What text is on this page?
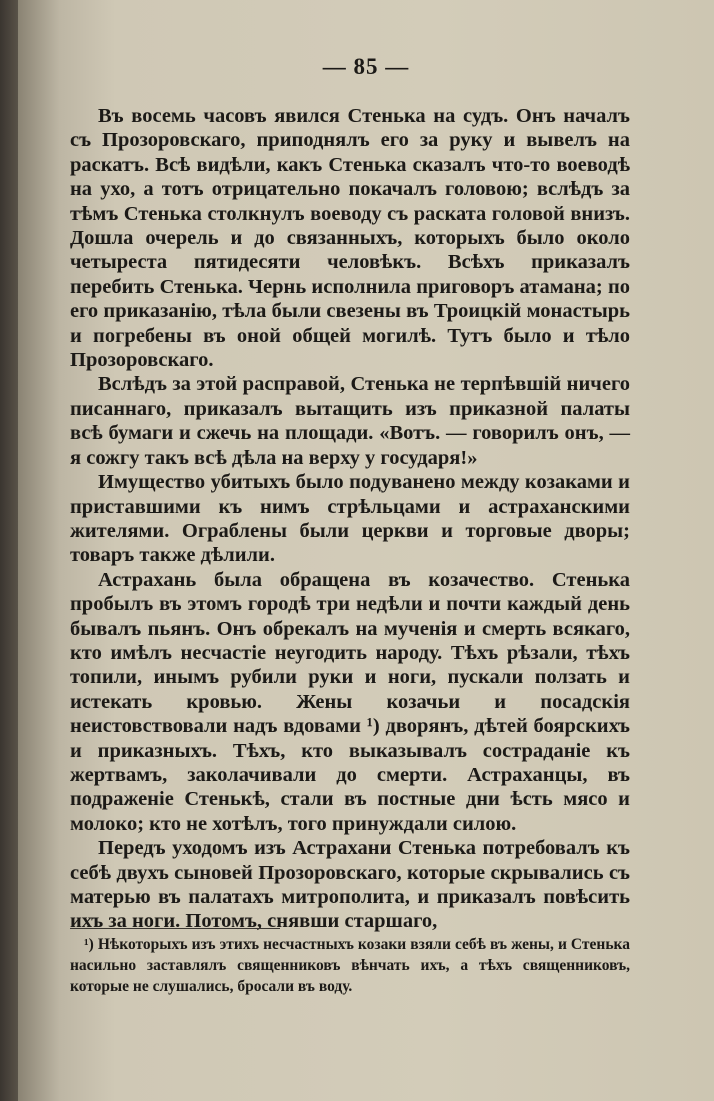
— 85 —

Въ восемь часовъ явился Стенька на судъ. Онъ началъ съ Прозоровскаго, приподнялъ его за руку и вывелъ на раскатъ. Всѣ видѣли, какъ Стенька сказалъ что-то воеводѣ на ухо, а тотъ отрицательно покачалъ головою; вслѣдъ за тѣмъ Стенька столкнулъ воеводу съ раската головой внизъ. Дошла очерель и до связанныхъ, которыхъ было около четыреста пятидесяти человѣкъ. Всѣхъ приказалъ перебить Стенька. Чернь исполнила приговоръ атамана; по его приказанію, тѣла были свезены въ Троицкій монастырь и погребены въ оной общей могилѣ. Тутъ было и тѣло Прозоровскаго.

Вслѣдъ за этой расправой, Стенька не терпѣвшій ничего писаннаго, приказалъ вытащить изъ приказной палаты всѣ бумаги и сжечь на площади. «Вотъ. — говорилъ онъ, — я сожгу такъ всѣ дѣла на верху у государя!»

Имущество убитыхъ было подуванено между козаками и приставшими къ нимъ стрѣльцами и астраханскими жителями. Ограблены были церкви и торговые дворы; товаръ также дѣлили.

Астрахань была обращена въ козачество. Стенька пробылъ въ этомъ городѣ три недѣли и почти каждый день бывалъ пьянъ. Онъ обрекалъ на мученія и смерть всякаго, кто имѣлъ несчастіе неугодить народу. Тѣхъ рѣзали, тѣхъ топили, инымъ рубили руки и ноги, пускали ползать и истекать кровью. Жены козачьи и посадскія неистовствовали надъ вдовами ¹) дворянъ, дѣтей боярскихъ и приказныхъ. Тѣхъ, кто выказывалъ состраданіе къ жертвамъ, заколачивали до смерти. Астраханцы, въ подраженіе Стенькѣ, стали въ постные дни ѣсть мясо и молоко; кто не хотѣлъ, того принуждали силою.

Передъ уходомъ изъ Астрахани Стенька потребовалъ къ себѣ двухъ сыновей Прозоровскаго, которые скрывались съ матерью въ палатахъ митрополита, и приказалъ повѣсить ихъ за ноги. Потомъ, снявши старшаго,

¹) Нѣкоторыхъ изъ этихъ несчастныхъ козаки взяли себѣ въ жены, и Стенька насильно заставлялъ священниковъ вѣнчать ихъ, а тѣхъ священниковъ, которые не слушались, бросали въ воду.
